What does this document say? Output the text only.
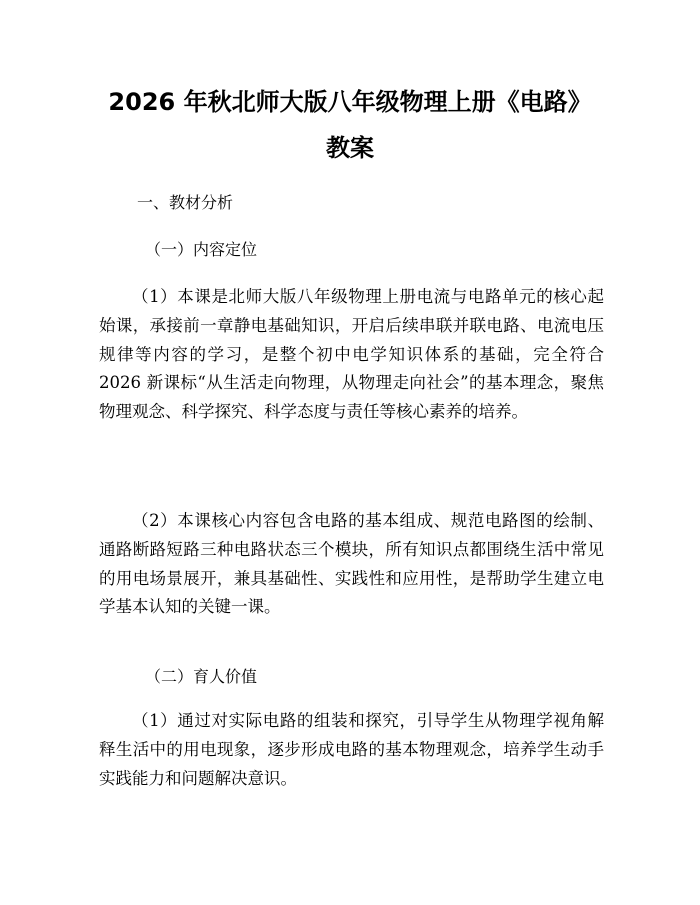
2026 年秋北师大版八年级物理上册《电路》
教案
一、教材分析
（一）内容定位
（1）本课是北师大版八年级物理上册电流与电路单元的核心起始课，承接前一章静电基础知识，开启后续串联并联电路、电流电压规律等内容的学习，是整个初中电学知识体系的基础，完全符合 2026 新课标“从生活走向物理，从物理走向社会”的基本理念，聚焦物理观念、科学探究、科学态度与责任等核心素养的培养。
（2）本课核心内容包含电路的基本组成、规范电路图的绘制、通路断路短路三种电路状态三个模块，所有知识点都围绕生活中常见的用电场景展开，兼具基础性、实践性和应用性，是帮助学生建立电学基本认知的关键一课。
（二）育人价值
（1）通过对实际电路的组装和探究，引导学生从物理学视角解释生活中的用电现象，逐步形成电路的基本物理观念，培养学生动手实践能力和问题解决意识。
